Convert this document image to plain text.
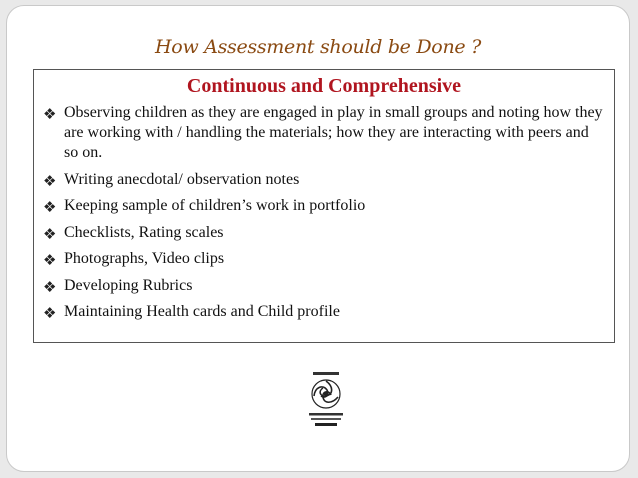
How Assessment should be Done ?
Continuous and Comprehensive
❖ Observing children as they are engaged in play in small groups and noting how they are working with / handling the materials; how they are interacting with peers and so on.
❖ Writing anecdotal/ observation notes
❖ Keeping sample of children’s work in portfolio
❖ Checklists, Rating scales
❖ Photographs, Video clips
❖ Developing Rubrics
❖ Maintaining Health cards and Child profile
